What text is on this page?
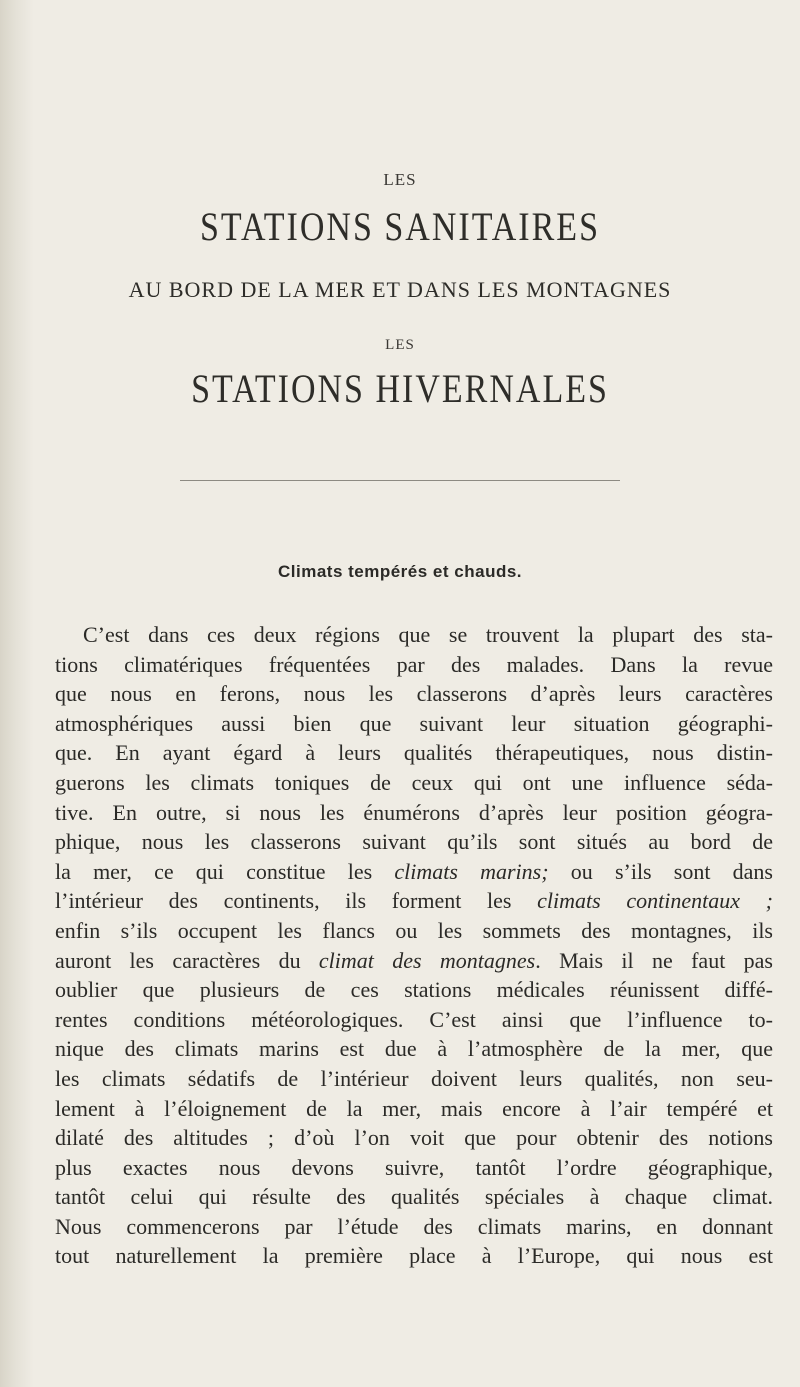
LES
STATIONS SANITAIRES
AU BORD DE LA MER ET DANS LES MONTAGNES
LES
STATIONS HIVERNALES
Climats tempérés et chauds.
C’est dans ces deux régions que se trouvent la plupart des sta-
tions climatériques fréquentées par des malades. Dans la revue
que nous en ferons, nous les classerons d’après leurs caractères
atmosphériques aussi bien que suivant leur situation géographi-
que. En ayant égard à leurs qualités thérapeutiques, nous distin-
guerons les climats toniques de ceux qui ont une influence séda-
tive. En outre, si nous les énumérons d’après leur position géogra-
phique, nous les classerons suivant qu’ils sont situés au bord de
la mer, ce qui constitue les climats marins; ou s’ils sont dans
l’intérieur des continents, ils forment les climats continentaux ;
enfin s’ils occupent les flancs ou les sommets des montagnes, ils
auront les caractères du climat des montagnes. Mais il ne faut pas
oublier que plusieurs de ces stations médicales réunissent diffé-
rentes conditions météorologiques. C’est ainsi que l’influence to-
nique des climats marins est due à l’atmosphère de la mer, que
les climats sédatifs de l’intérieur doivent leurs qualités, non seu-
lement à l’éloignement de la mer, mais encore à l’air tempéré et
dilaté des altitudes ; d’où l’on voit que pour obtenir des notions
plus exactes nous devons suivre, tantôt l’ordre géographique,
tantôt celui qui résulte des qualités spéciales à chaque climat.
Nous commencerons par l’étude des climats marins, en donnant
tout naturellement la première place à l’Europe, qui nous est
